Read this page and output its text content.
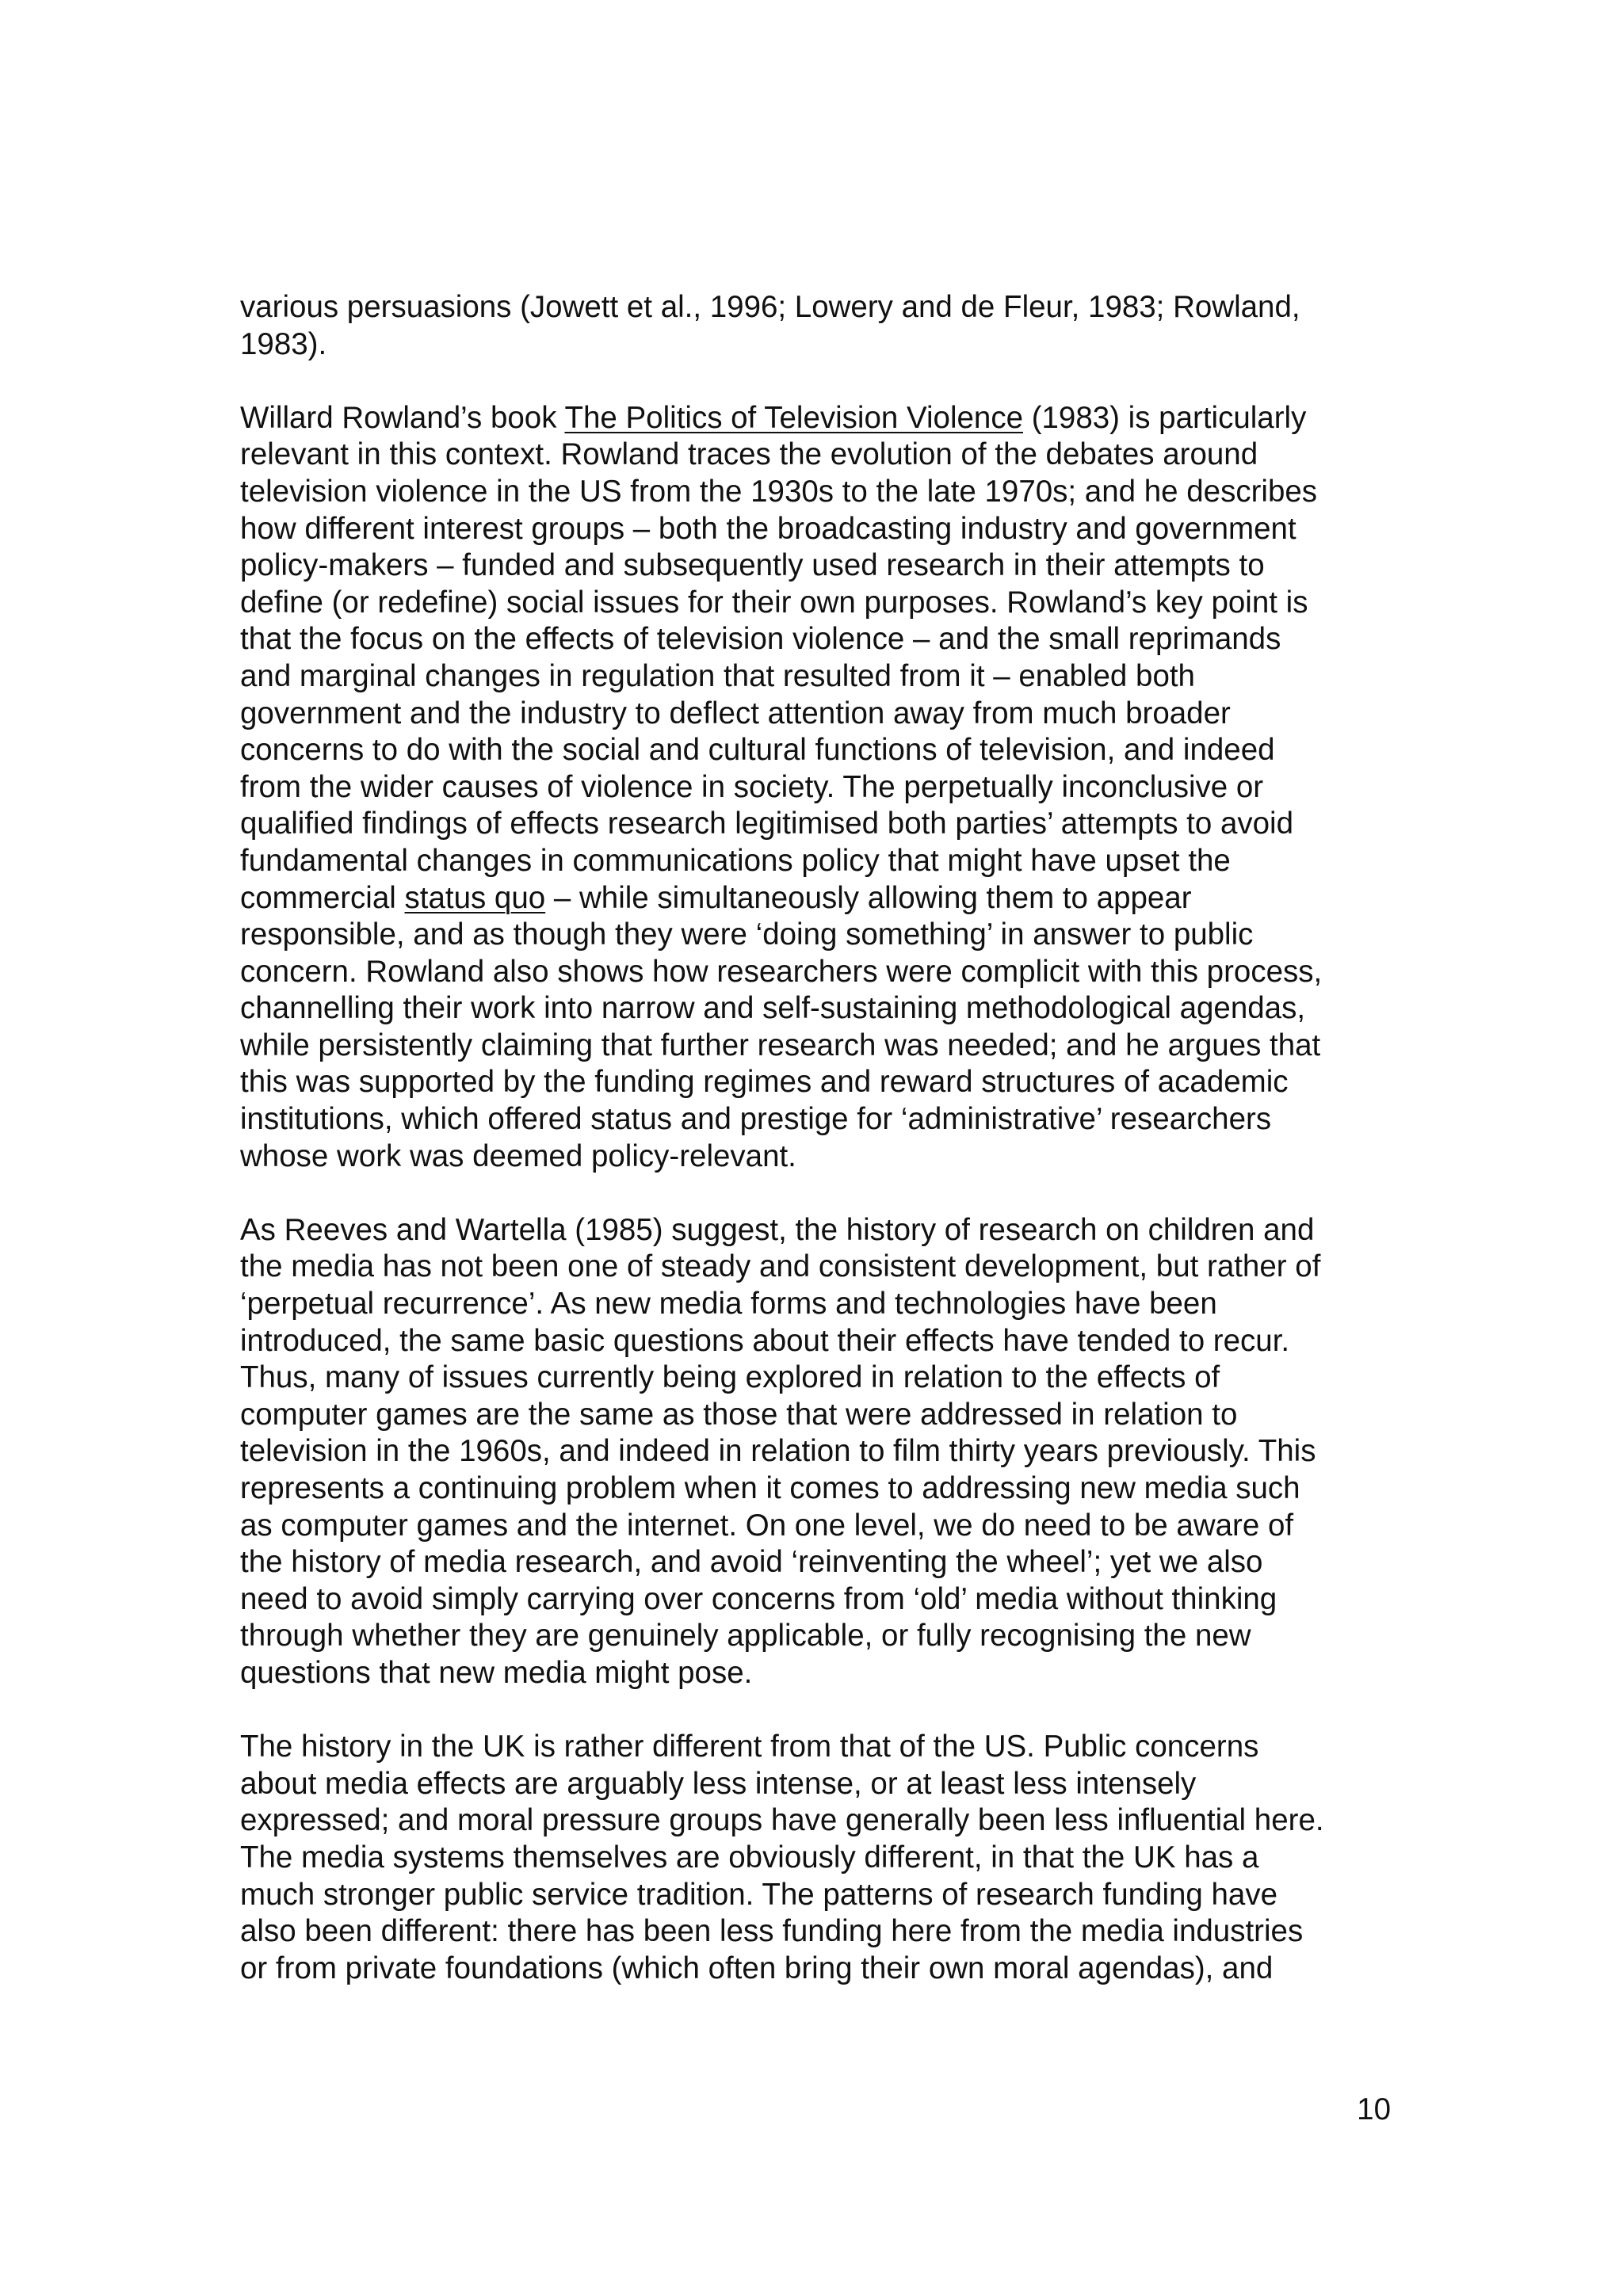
various persuasions (Jowett et al., 1996; Lowery and de Fleur, 1983; Rowland,
1983).

Willard Rowland’s book The Politics of Television Violence (1983) is particularly
relevant in this context. Rowland traces the evolution of the debates around
television violence in the US from the 1930s to the late 1970s; and he describes
how different interest groups – both the broadcasting industry and government
policy-makers – funded and subsequently used research in their attempts to
define (or redefine) social issues for their own purposes. Rowland’s key point is
that the focus on the effects of television violence – and the small reprimands
and marginal changes in regulation that resulted from it – enabled both
government and the industry to deflect attention away from much broader
concerns to do with the social and cultural functions of television, and indeed
from the wider causes of violence in society. The perpetually inconclusive or
qualified findings of effects research legitimised both parties’ attempts to avoid
fundamental changes in communications policy that might have upset the
commercial status quo – while simultaneously allowing them to appear
responsible, and as though they were ‘doing something’ in answer to public
concern. Rowland also shows how researchers were complicit with this process,
channelling their work into narrow and self-sustaining methodological agendas,
while persistently claiming that further research was needed; and he argues that
this was supported by the funding regimes and reward structures of academic
institutions, which offered status and prestige for ‘administrative’ researchers
whose work was deemed policy-relevant.

As Reeves and Wartella (1985) suggest, the history of research on children and
the media has not been one of steady and consistent development, but rather of
‘perpetual recurrence’. As new media forms and technologies have been
introduced, the same basic questions about their effects have tended to recur.
Thus, many of issues currently being explored in relation to the effects of
computer games are the same as those that were addressed in relation to
television in the 1960s, and indeed in relation to film thirty years previously. This
represents a continuing problem when it comes to addressing new media such
as computer games and the internet. On one level, we do need to be aware of
the history of media research, and avoid ‘reinventing the wheel’; yet we also
need to avoid simply carrying over concerns from ‘old’ media without thinking
through whether they are genuinely applicable, or fully recognising the new
questions that new media might pose.

The history in the UK is rather different from that of the US. Public concerns
about media effects are arguably less intense, or at least less intensely
expressed; and moral pressure groups have generally been less influential here.
The media systems themselves are obviously different, in that the UK has a
much stronger public service tradition. The patterns of research funding have
also been different: there has been less funding here from the media industries
or from private foundations (which often bring their own moral agendas), and

10
